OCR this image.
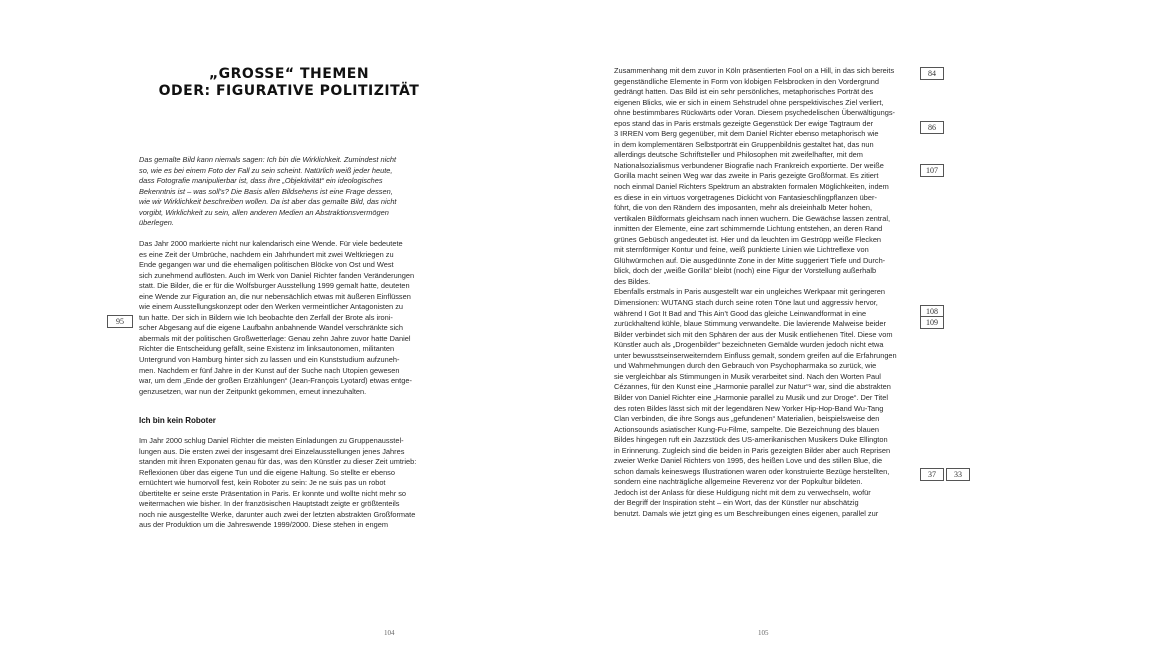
„GROSSE“ THEMEN
ODER: FIGURATIVE POLITIZITÄT
Das gemalte Bild kann niemals sagen: Ich bin die Wirklichkeit. Zumindest nicht
so, wie es bei einem Foto der Fall zu sein scheint. Natürlich weiß jeder heute,
dass Fotografie manipulierbar ist, dass ihre „Objektivität“ ein ideologisches
Bekenntnis ist – was soll’s? Die Basis allen Bildsehens ist eine Frage dessen,
wie wir Wirklichkeit beschreiben wollen. Da ist aber das gemalte Bild, das nicht
vorgibt, Wirklichkeit zu sein, allen anderen Medien an Abstraktionsvermögen
überlegen.
Das Jahr 2000 markierte nicht nur kalendarisch eine Wende. Für viele bedeutete
es eine Zeit der Umbrüche, nachdem ein Jahrhundert mit zwei Weltkriegen zu
Ende gegangen war und die ehemaligen politischen Blöcke von Ost und West
sich zunehmend auflösten. Auch im Werk von Daniel Richter fanden Veränderungen
statt. Die Bilder, die er für die Wolfsburger Ausstellung 1999 gemalt hatte, deuteten
eine Wende zur Figuration an, die nur nebensächlich etwas mit äußeren Einflüssen
wie einem Ausstellungskonzept oder den Werken vermeintlicher Antagonisten zu
tun hatte. Der sich in Bildern wie Ich beobachte den Zerfall der Brote als ironi-
scher Abgesang auf die eigene Laufbahn anbahnende Wandel verschränkte sich
abermals mit der politischen Großwetterlage: Genau zehn Jahre zuvor hatte Daniel
Richter die Entscheidung gefällt, seine Existenz im linksautonomen, militanten
Untergrund von Hamburg hinter sich zu lassen und ein Kunststudium aufzuneh-
men. Nachdem er fünf Jahre in der Kunst auf der Suche nach Utopien gewesen
war, um dem „Ende der großen Erzählungen“ (Jean-François Lyotard) etwas entge-
genzusetzen, war nun der Zeitpunkt gekommen, erneut innezuhalten.
95
Ich bin kein Roboter
Im Jahr 2000 schlug Daniel Richter die meisten Einladungen zu Gruppenausstel-
lungen aus. Die ersten zwei der insgesamt drei Einzelausstellungen jenes Jahres
standen mit ihren Exponaten genau für das, was den Künstler zu dieser Zeit umtrieb:
Reflexionen über das eigene Tun und die eigene Haltung. So stellte er ebenso
ernüchtert wie humorvoll fest, kein Roboter zu sein: Je ne suis pas un robot
übertitelte er seine erste Präsentation in Paris. Er konnte und wollte nicht mehr so
weitermachen wie bisher. In der französischen Hauptstadt zeigte er größtenteils
noch nie ausgestellte Werke, darunter auch zwei der letzten abstrakten Großformate
aus der Produktion um die Jahreswende 1999/2000. Diese stehen in engem
104
Zusammenhang mit dem zuvor in Köln präsentierten Fool on a Hill, in das sich bereits
gegenständliche Elemente in Form von klobigen Felsbrocken in den Vordergrund
gedrängt hatten. Das Bild ist ein sehr persönliches, metaphorisches Porträt des
eigenen Blicks, wie er sich in einem Sehstrudel ohne perspektivisches Ziel verliert,
ohne bestimmbares Rückwärts oder Voran. Diesem psychedelischen Überwältigungs-
epos stand das in Paris erstmals gezeigte Gegenstück Der ewige Tagtraum der
3 IRREN vom Berg gegenüber, mit dem Daniel Richter ebenso metaphorisch wie
in dem komplementären Selbstporträt ein Gruppenbildnis gestaltet hat, das nun
allerdings deutsche Schriftsteller und Philosophen mit zweifelhafter, mit dem
Nationalsozialismus verbundener Biografie nach Frankreich exportierte. Der weiße
Gorilla macht seinen Weg war das zweite in Paris gezeigte Großformat. Es zitiert
noch einmal Daniel Richters Spektrum an abstrakten formalen Möglichkeiten, indem
es diese in ein virtuos vorgetragenes Dickicht von Fantasieschlingpflanzen über-
führt, die von den Rändern des imposanten, mehr als dreieinhalb Meter hohen,
vertikalen Bildformats gleichsam nach innen wuchern. Die Gewächse lassen zentral,
inmitten der Elemente, eine zart schimmernde Lichtung entstehen, an deren Rand
grünes Gebüsch angedeutet ist. Hier und da leuchten im Gestrüpp weiße Flecken
mit sternförmiger Kontur und feine, weiß punktierte Linien wie Lichtreflexe von
Glühwürmchen auf. Die ausgedünnte Zone in der Mitte suggeriert Tiefe und Durch-
blick, doch der „weiße Gorilla“ bleibt (noch) eine Figur der Vorstellung außerhalb
des Bildes.
Ebenfalls erstmals in Paris ausgestellt war ein ungleiches Werkpaar mit geringeren
Dimensionen: WUTANG stach durch seine roten Töne laut und aggressiv hervor,
während I Got It Bad and This Ain’t Good das gleiche Leinwandformat in eine
zurückhaltend kühle, blaue Stimmung verwandelte. Die lavierende Malweise beider
Bilder verbindet sich mit den Sphären der aus der Musik entliehenen Titel. Diese vom
Künstler auch als „Drogenbilder“ bezeichneten Gemälde wurden jedoch nicht etwa
unter bewusstseinserweiterndem Einfluss gemalt, sondern greifen auf die Erfahrungen
und Wahrnehmungen durch den Gebrauch von Psychopharmaka so zurück, wie
sie vergleichbar als Stimmungen in Musik verarbeitet sind. Nach den Worten Paul
Cézannes, für den Kunst eine „Harmonie parallel zur Natur“¹ war, sind die abstrakten
Bilder von Daniel Richter eine „Harmonie parallel zu Musik und zur Droge“. Der Titel
des roten Bildes lässt sich mit der legendären New Yorker Hip-Hop-Band Wu-Tang
Clan verbinden, die ihre Songs aus „gefundenen“ Materialien, beispielsweise den
Actionsounds asiatischer Kung-Fu-Filme, sampelte. Die Bezeichnung des blauen
Bildes hingegen ruft ein Jazzstück des US-amerikanischen Musikers Duke Ellington
in Erinnerung. Zugleich sind die beiden in Paris gezeigten Bilder aber auch Reprisen
zweier Werke Daniel Richters von 1995, des heißen Love und des stillen Blue, die
schon damals keineswegs Illustrationen waren oder konstruierte Bezüge herstellten,
sondern eine nachträgliche allgemeine Reverenz vor der Popkultur bildeten.
Jedoch ist der Anlass für diese Huldigung nicht mit dem zu verwechseln, wofür
der Begriff der Inspiration steht – ein Wort, das der Künstler nur abschätzig
benutzt. Damals wie jetzt ging es um Beschreibungen eines eigenen, parallel zur
84
86
107
108
109
37	33
105
